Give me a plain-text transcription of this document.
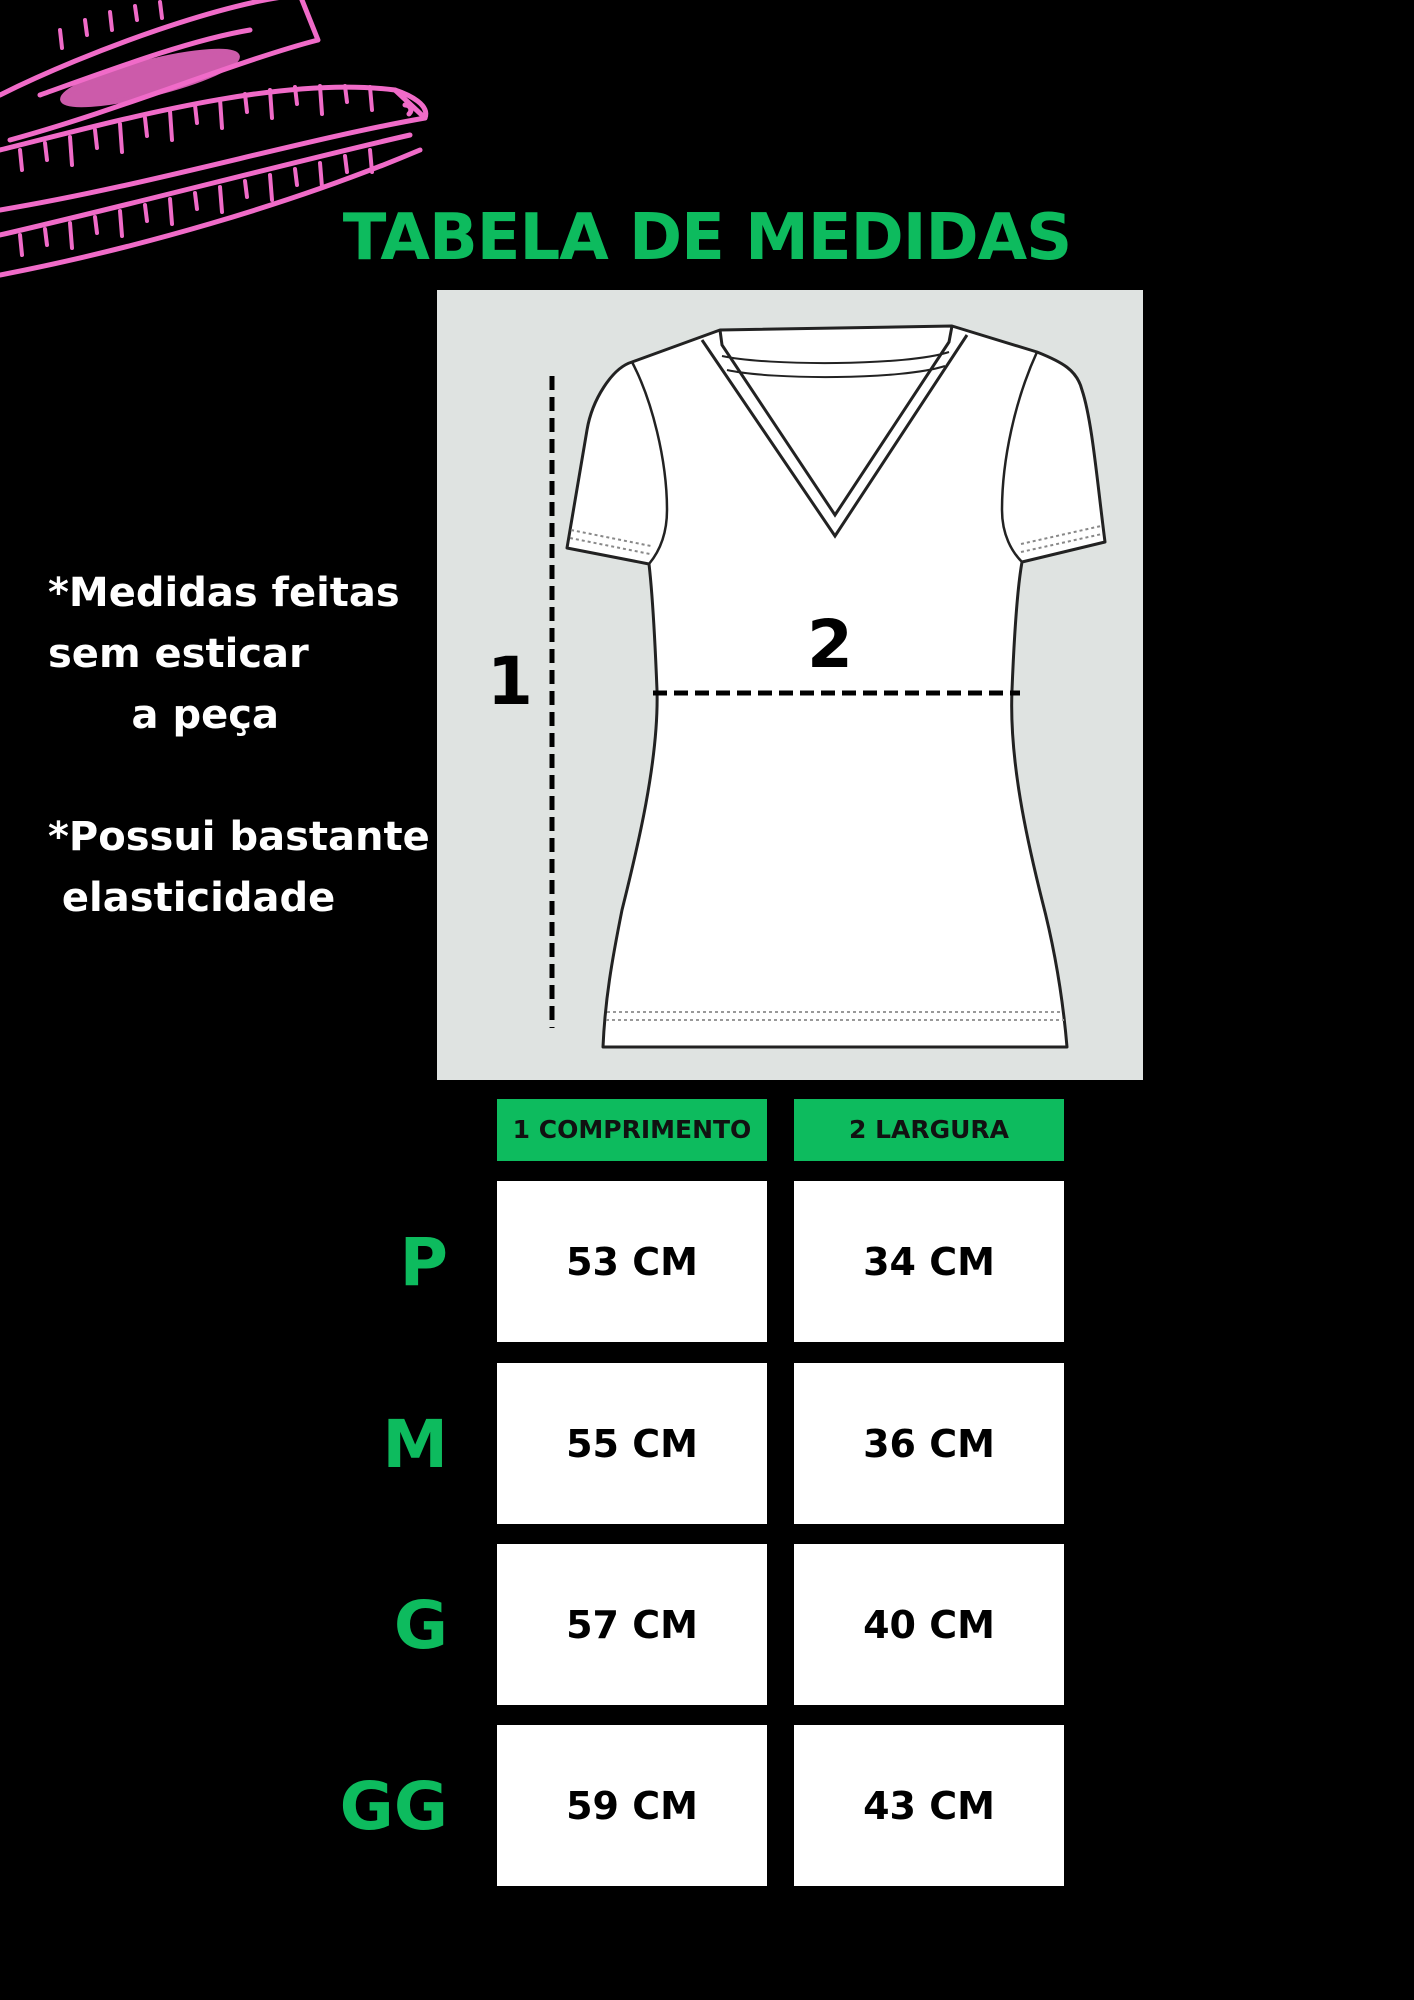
TABELA DE MEDIDAS
*Medidas feitas
sem esticar
a peça
*Possui bastante
elasticidade
1	2
1 COMPRIMENTO	2 LARGURA
P	53 CM	34 CM
M	55 CM	36 CM
G	57 CM	40 CM
GG	59 CM	43 CM
